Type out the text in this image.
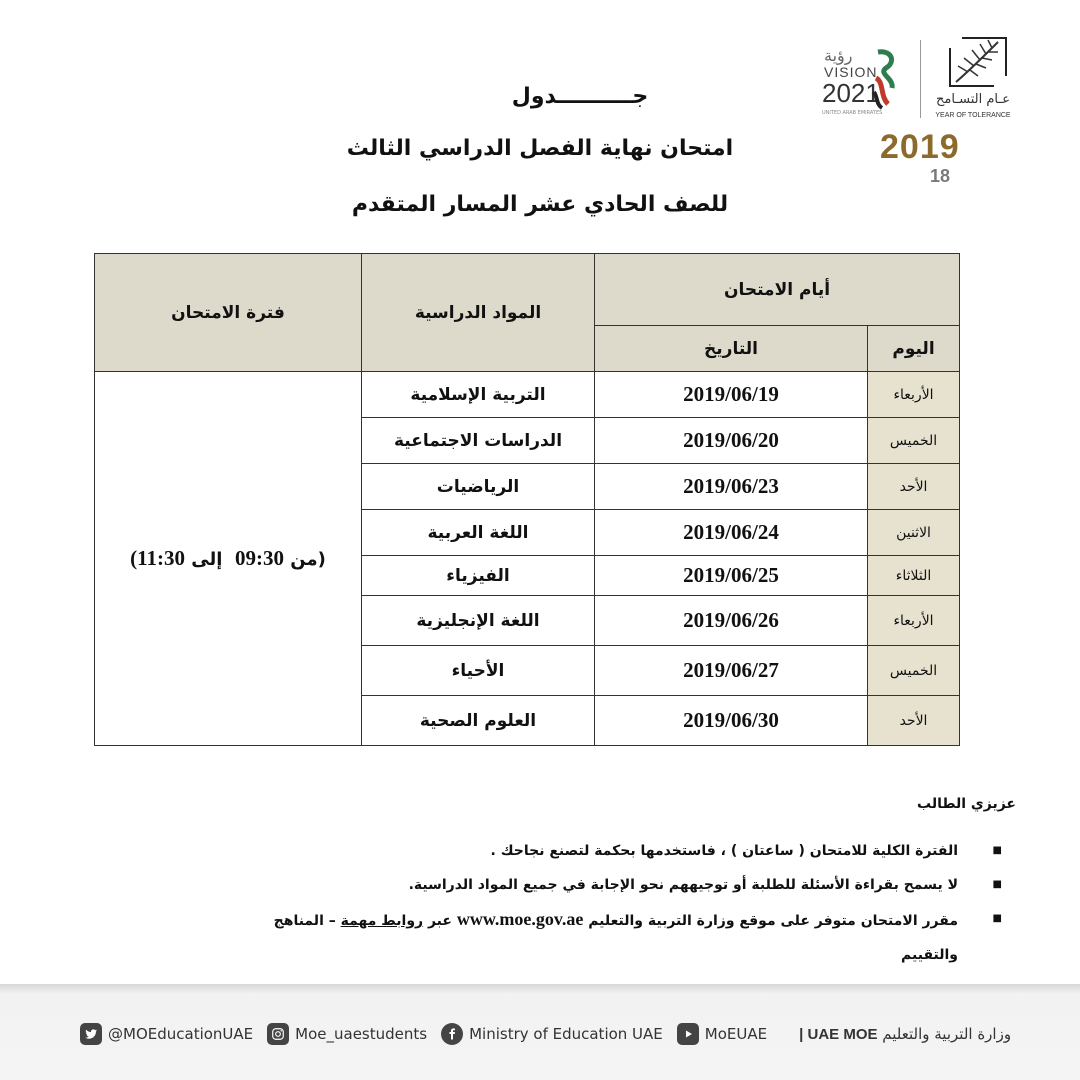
رؤية
VISION
2021
UNITED ARAB EMIRATES
عـام التسـامح
YEAR OF TOLERANCE
2019
18
جــــــــــدول
امتحان نهاية الفصل الدراسي الثالث
للصف الحادي عشر المسار المتقدم
أيام الامتحان		المواد الدراسية	فترة الامتحان
اليوم	التاريخ		
الأربعاء	2019/06/19	التربية الإسلامية	(من 09:30  إلى 11:30)
الخميس	2019/06/20	الدراسات الاجتماعية	
الأحد	2019/06/23	الرياضيات	
الاثنين	2019/06/24	اللغة العربية	
الثلاثاء	2019/06/25	الفيزياء	
الأربعاء	2019/06/26	اللغة الإنجليزية	
الخميس	2019/06/27	الأحياء	
الأحد	2019/06/30	العلوم الصحية	
عزيزي الطالب
■
الفترة الكلية للامتحان ( ساعتان ) ، فاستخدمها بحكمة لتصنع نجاحك .
■
لا يسمح بقراءة الأسئلة للطلبة أو توجيههم نحو الإجابة في جميع المواد الدراسية.
■
مقرر الامتحان متوفر على موقع وزارة التربية والتعليم www.moe.gov.ae عبر روابط مهمة – المناهج
والتقييم
@MOEducationUAE	Moe_uaestudents	Ministry of Education UAE	MoEUAE	وزارة التربية والتعليم UAE MOE |
